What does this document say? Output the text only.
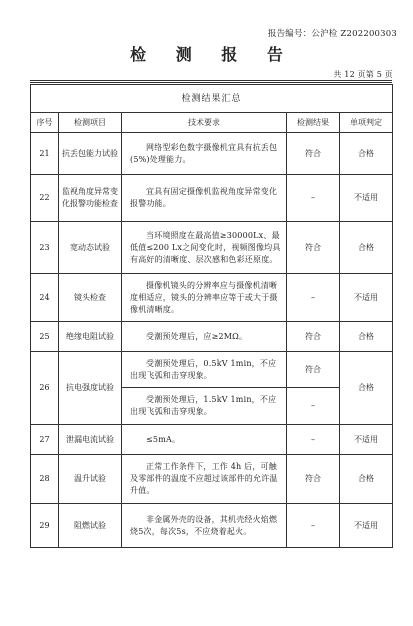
报告编号：公沪检 Z202200303
检 测 报 告
共 12 页第 5 页
检测结果汇总				
序号	检测项目	技术要求	检测结果	单项判定
21	抗丢包能力试验	网络型彩色数字摄像机宜具有抗丢包(5%)处理能力。	符合	合格
22	监视角度异常变化报警功能检查	宜具有固定摄像机监视角度异常变化报警功能。	–	不适用
23	宽动态试验	当环境照度在最高值≥30000Lx、最低值≤200 Lx之间变化时，视频图像均具有高好的清晰度、层次感和色彩还原度。	符合	合格
24	镜头检查	摄像机镜头的分辨率应与摄像机清晰度相适应，镜头的分辨率应等于或大于摄像机清晰度。	–	不适用
25	绝缘电阻试验	受潮预处理后，应≥2MΩ。	符合	合格
26	抗电强度试验	受潮预处理后，0.5kV 1min，不应出现飞弧和击穿现象。	符合	合格

		受潮预处理后，1.5kV 1min，不应出现飞弧和击穿现象。	–	
27	泄漏电流试验	≤5mA。	–	不适用
28	温升试验	正常工作条件下，工作 4h 后，可触及零部件的温度不应超过该部件的允许温升值。	符合	合格
29	阻燃试验	非金属外壳的设备，其机壳经火焰燃烧5次，每次5s，不应烧着起火。	–	不适用
